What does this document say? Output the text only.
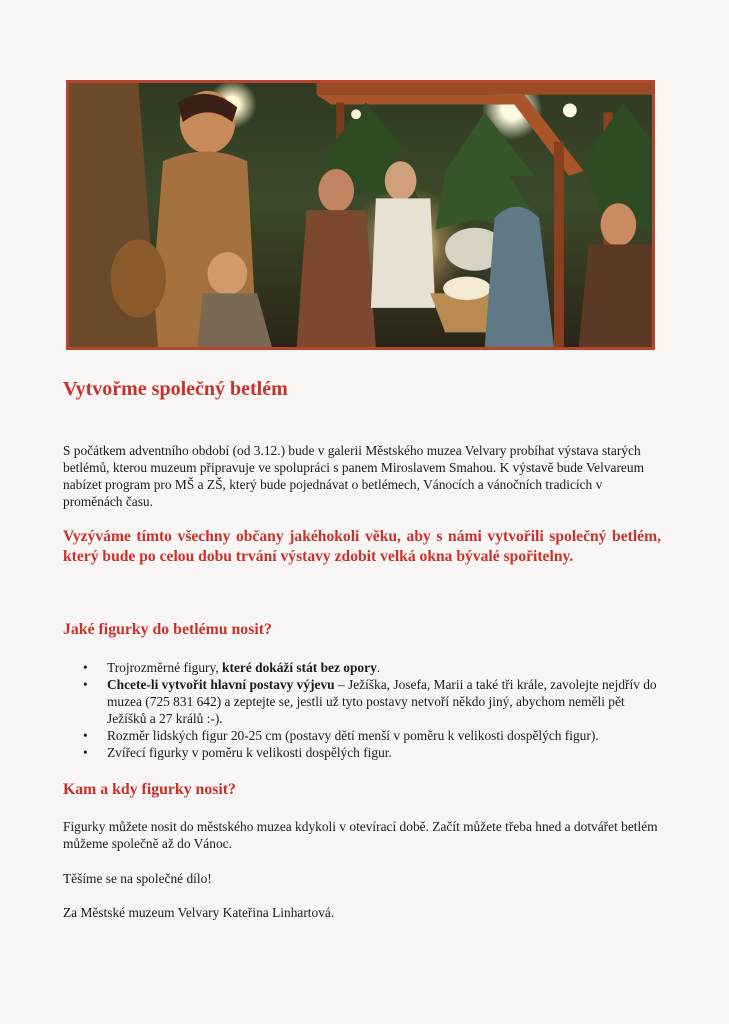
Vytvořme společný betlém

S počátkem adventního období (od 3.12.) bude v galerii Městského muzea Velvary probíhat výstava starých betlémů, kterou muzeum připravuje ve spolupráci s panem Miroslavem Smahou. K výstavě bude Velvareum nabízet program pro MŠ a ZŠ, který bude pojednávat o betlémech, Vánocích a vánočních tradicích v proměnách času.

Vyzýváme tímto všechny občany jakéhokoli věku, aby s námi vytvořili společný betlém, který bude po celou dobu trvání výstavy zdobit velká okna bývalé spořitelny.

Jaké figurky do betlému nosit?
• Trojrozměrné figury, které dokáží stát bez opory.
• Chcete-li vytvořit hlavní postavy výjevu – Ježíška, Josefa, Marii a také tři krále, zavolejte nejdřív do muzea (725 831 642) a zeptejte se, jestli už tyto postavy netvoří někdo jiný, abychom neměli pět Ježíšků a 27 králů :-).
• Rozměr lidských figur 20-25 cm (postavy dětí menší v poměru k velikosti dospělých figur).
• Zvířecí figurky v poměru k velikosti dospělých figur.
Kam a kdy figurky nosit?

Figurky můžete nosit do městského muzea kdykoli v otevírací době. Začít můžete třeba hned a dotvářet betlém můžeme společně až do Vánoc.

Těšíme se na společné dílo!

Za Městské muzeum Velvary Kateřina Linhartová.
